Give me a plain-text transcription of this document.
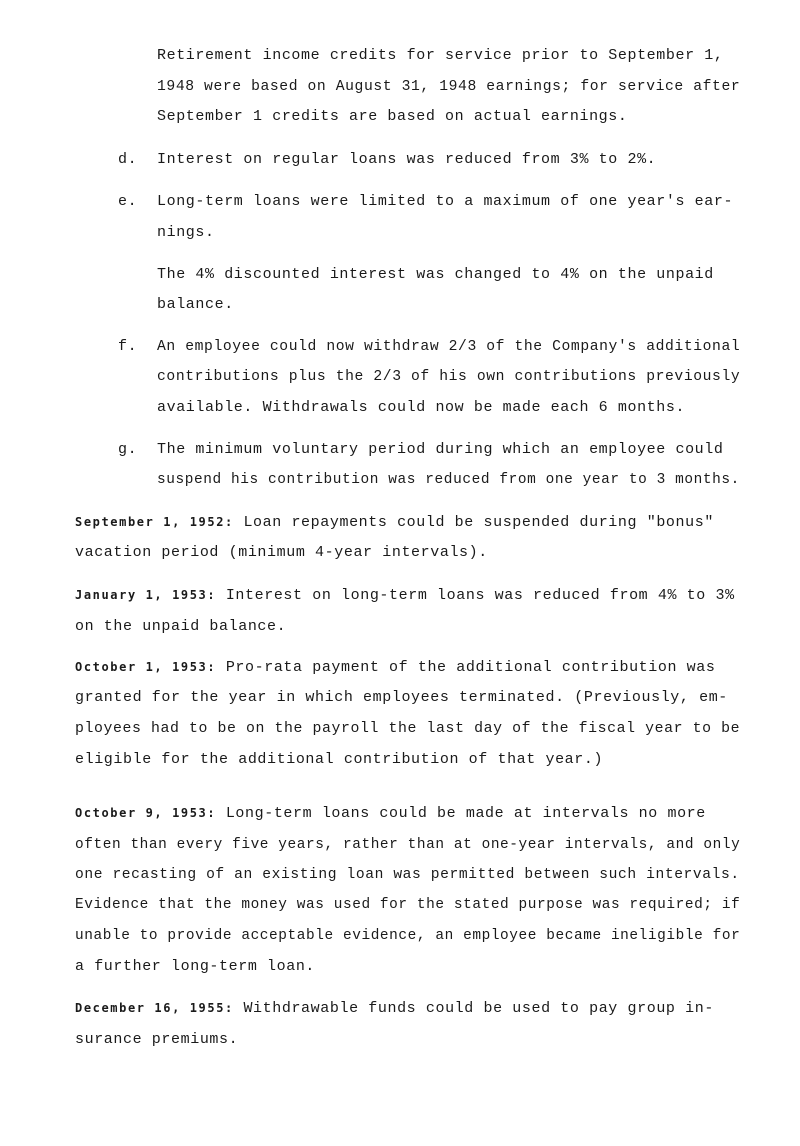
Retirement income credits for service prior to September 1,
1948 were based on August 31, 1948 earnings; for service after
September 1 credits are based on actual earnings.
d. Interest on regular loans was reduced from 3% to 2%.
e. Long-term loans were limited to a maximum of one year's ear-
nings.
The 4% discounted interest was changed to 4% on the unpaid
balance.
f. An employee could now withdraw 2/3 of the Company's additional
contributions plus the 2/3 of his own contributions previously
available. Withdrawals could now be made each 6 months.
g. The minimum voluntary period during which an employee could
suspend his contribution was reduced from one year to 3 months.
September 1, 1952: Loan repayments could be suspended during "bonus"
vacation period (minimum 4-year intervals).
January 1, 1953: Interest on long-term loans was reduced from 4% to 3%
on the unpaid balance.
October 1, 1953: Pro-rata payment of the additional contribution was
granted for the year in which employees terminated. (Previously, em-
ployees had to be on the payroll the last day of the fiscal year to be
eligible for the additional contribution of that year.)
October 9, 1953: Long-term loans could be made at intervals no more
often than every five years, rather than at one-year intervals, and only
one recasting of an existing loan was permitted between such intervals.
Evidence that the money was used for the stated purpose was required; if
unable to provide acceptable evidence, an employee became ineligible for
a further long-term loan.
December 16, 1955: Withdrawable funds could be used to pay group in-
surance premiums.
